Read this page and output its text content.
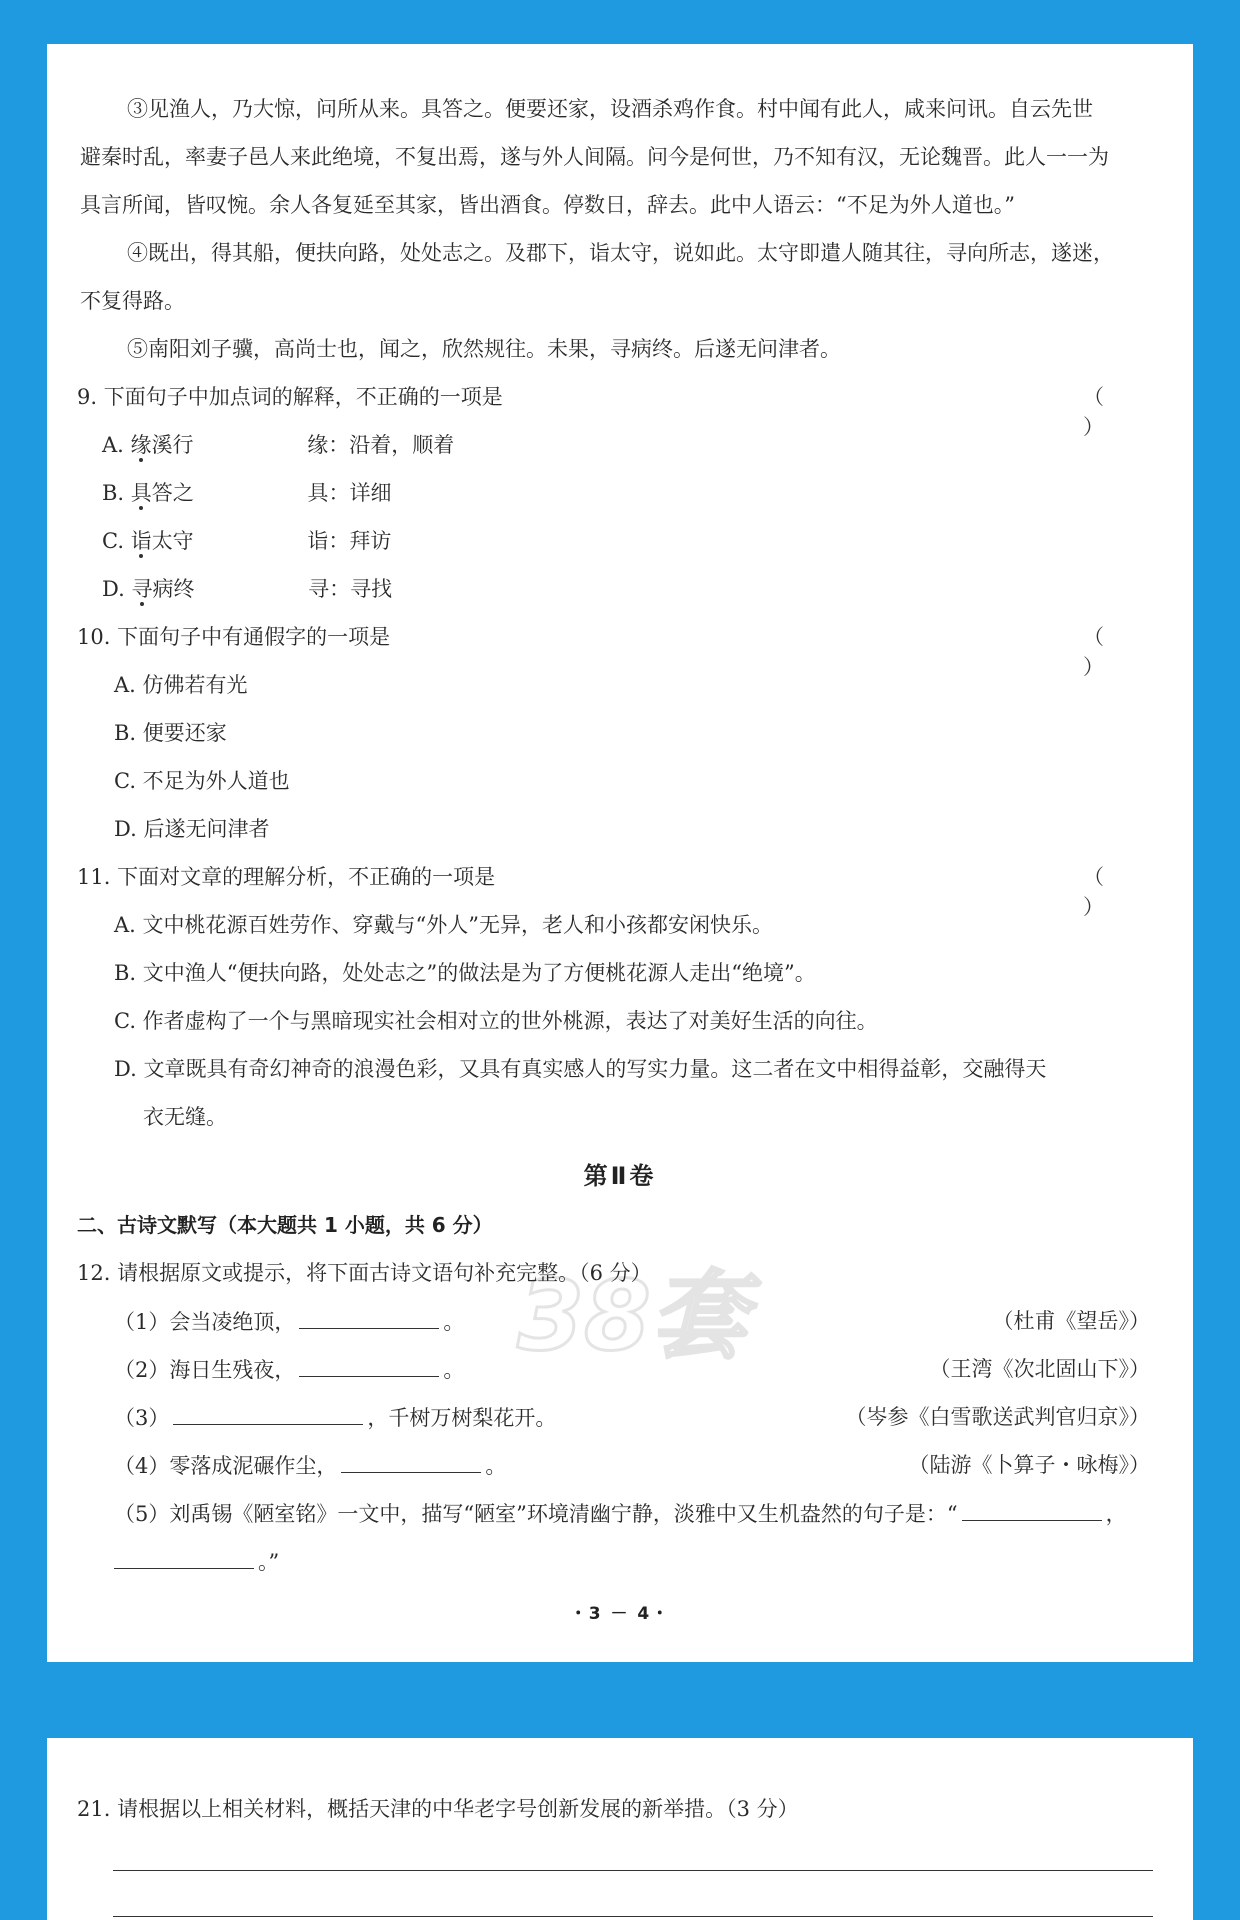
③见渔人，乃大惊，问所从来。具答之。便要还家，设酒杀鸡作食。村中闻有此人，咸来问讯。自云先世
避秦时乱，率妻子邑人来此绝境，不复出焉，遂与外人间隔。问今是何世，乃不知有汉，无论魏晋。此人一一为
具言所闻，皆叹惋。余人各复延至其家，皆出酒食。停数日，辞去。此中人语云：“不足为外人道也。”
④既出，得其船，便扶向路，处处志之。及郡下，诣太守，说如此。太守即遣人随其往，寻向所志，遂迷，
不复得路。
⑤南阳刘子骥，高尚士也，闻之，欣然规往。未果，寻病终。后遂无问津者。
9. 下面句子中加点词的解释，不正确的一项是	（ ）
A. 缘溪行	缘：沿着，顺着
B. 具答之	具：详细
C. 诣太守	诣：拜访
D. 寻病终	寻：寻找
10. 下面句子中有通假字的一项是	（ ）
A. 仿佛若有光
B. 便要还家
C. 不足为外人道也
D. 后遂无问津者
11. 下面对文章的理解分析，不正确的一项是	（ ）
A. 文中桃花源百姓劳作、穿戴与“外人”无异，老人和小孩都安闲快乐。
B. 文中渔人“便扶向路，处处志之”的做法是为了方便桃花源人走出“绝境”。
C. 作者虚构了一个与黑暗现实社会相对立的世外桃源，表达了对美好生活的向往。
D. 文章既具有奇幻神奇的浪漫色彩，又具有真实感人的写实力量。这二者在文中相得益彰，交融得天
衣无缝。
第Ⅱ卷
二、古诗文默写（本大题共 1 小题，共 6 分）
38套
12. 请根据原文或提示，将下面古诗文语句补充完整。（6 分）
（1）会当凌绝顶，	。	（杜甫《望岳》）
（2）海日生残夜，	。	（王湾《次北固山下》）
（3）	，千树万树梨花开。	（岑参《白雪歌送武判官归京》）
（4）零落成泥碾作尘，	。	（陆游《卜算子・咏梅》）
（5）刘禹锡《陋室铭》一文中，描写“陋室”环境清幽宁静，淡雅中又生机盎然的句子是：“	，
。”
・3 － 4・
21. 请根据以上相关材料，概括天津的中华老字号创新发展的新举措。（3 分）
